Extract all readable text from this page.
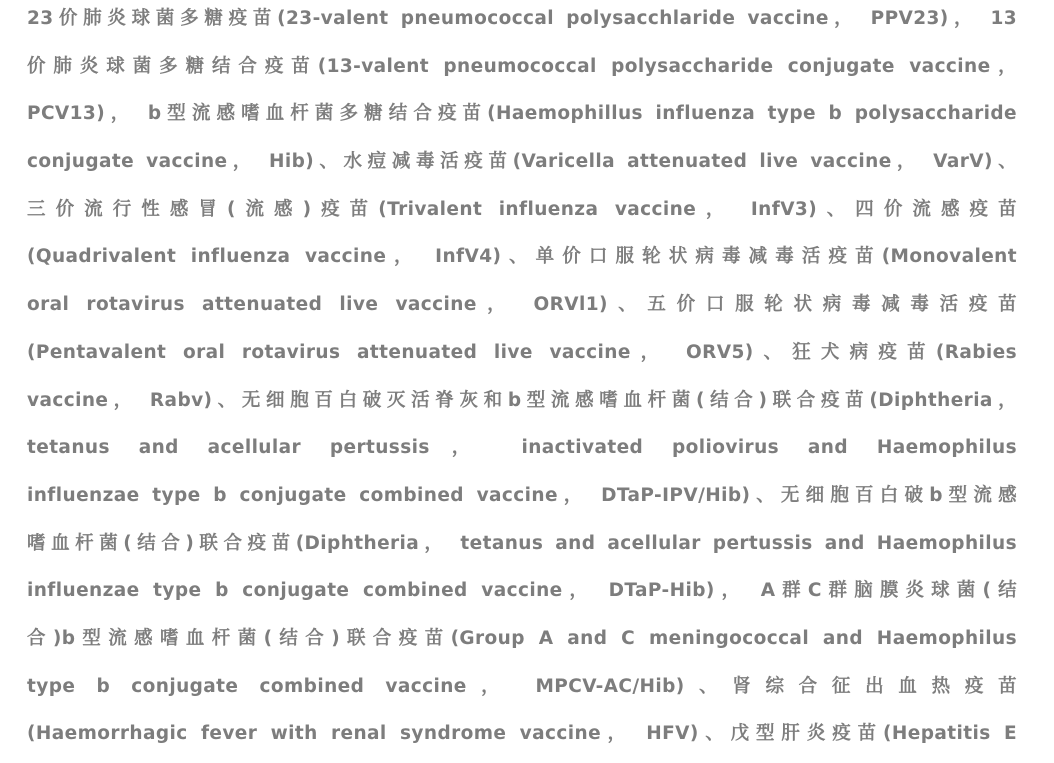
23价肺炎球菌多糖疫苗(23-valent pneumococcal polysacchlaride vaccine， PPV23)， 13
价肺炎球菌多糖结合疫苗(13-valent pneumococcal polysaccharide conjugate vaccine，
PCV13)， b型流感嗜血杆菌多糖结合疫苗(Haemophillus influenza type b polysaccharide
conjugate vaccine， Hib)、水痘减毒活疫苗(Varicella attenuated live vaccine， VarV)、
三价流行性感冒(流感)疫苗(Trivalent influenza vaccine， InfV3)、四价流感疫苗
(Quadrivalent influenza vaccine， InfV4)、单价口服轮状病毒减毒活疫苗(Monovalent
oral rotavirus attenuated live vaccine， ORVl1)、五价口服轮状病毒减毒活疫苗
(Pentavalent oral rotavirus attenuated live vaccine， ORV5)、狂犬病疫苗(Rabies
vaccine， Rabv)、无细胞百白破灭活脊灰和b型流感嗜血杆菌(结合)联合疫苗(Diphtheria，
tetanus and acellular pertussis， inactivated poliovirus and Haemophilus
influenzae type b conjugate combined vaccine， DTaP-IPV/Hib)、无细胞百白破b型流感
嗜血杆菌(结合)联合疫苗(Diphtheria， tetanus and acellular pertussis and Haemophilus
influenzae type b conjugate combined vaccine， DTaP-Hib)， A群C群脑膜炎球菌(结
合)b型流感嗜血杆菌(结合)联合疫苗(Group A and C meningococcal and Haemophilus
type b conjugate combined vaccine， MPCV-AC/Hib)、肾综合征出血热疫苗
(Haemorrhagic fever with renal syndrome vaccine， HFV)、戊型肝炎疫苗(Hepatitis E
